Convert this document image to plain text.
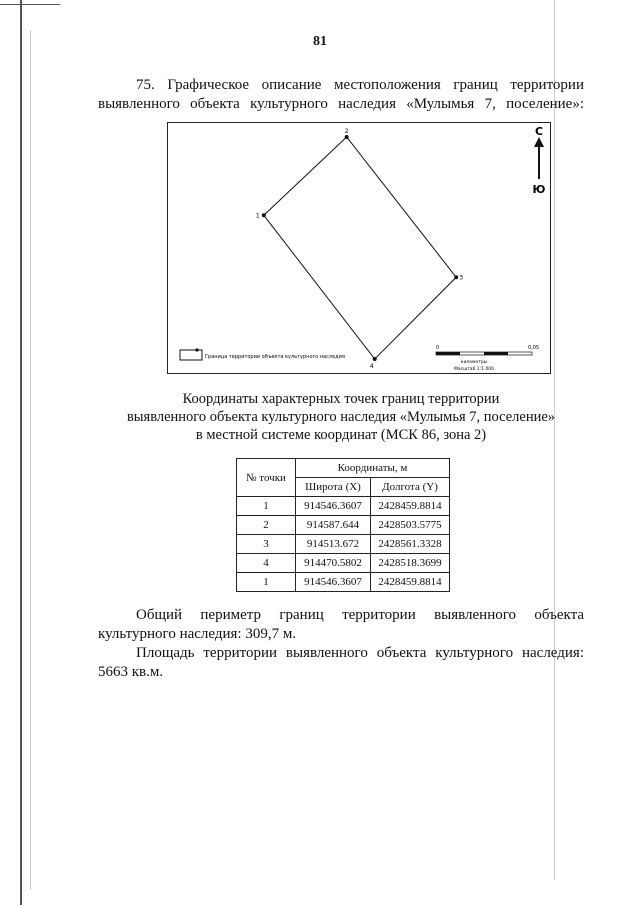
81
75. Графическое описание местоположения границ территории
выявленного объекта культурного наследия «Мулымья 7, поселение»:
1
2
3
4
С
Ю
Граница территории объекта культурного наследия
0	0,05
километры
Масштаб 1:1 000
Координаты характерных точек границ территории
выявленного объекта культурного наследия «Мулымья 7, поселение»
в местной системе координат (МСК 86, зона 2)
№ точки	Координаты, м	
	Широта (X)	Долгота (Y)
1	914546.3607	2428459.8814
2	914587.644	2428503.5775
3	914513.672	2428561.3328
4	914470.5802	2428518.3699
1	914546.3607	2428459.8814
Общий периметр границ территории выявленного объекта
культурного наследия: 309,7 м.
Площадь территории выявленного объекта культурного наследия:
5663 кв.м.
